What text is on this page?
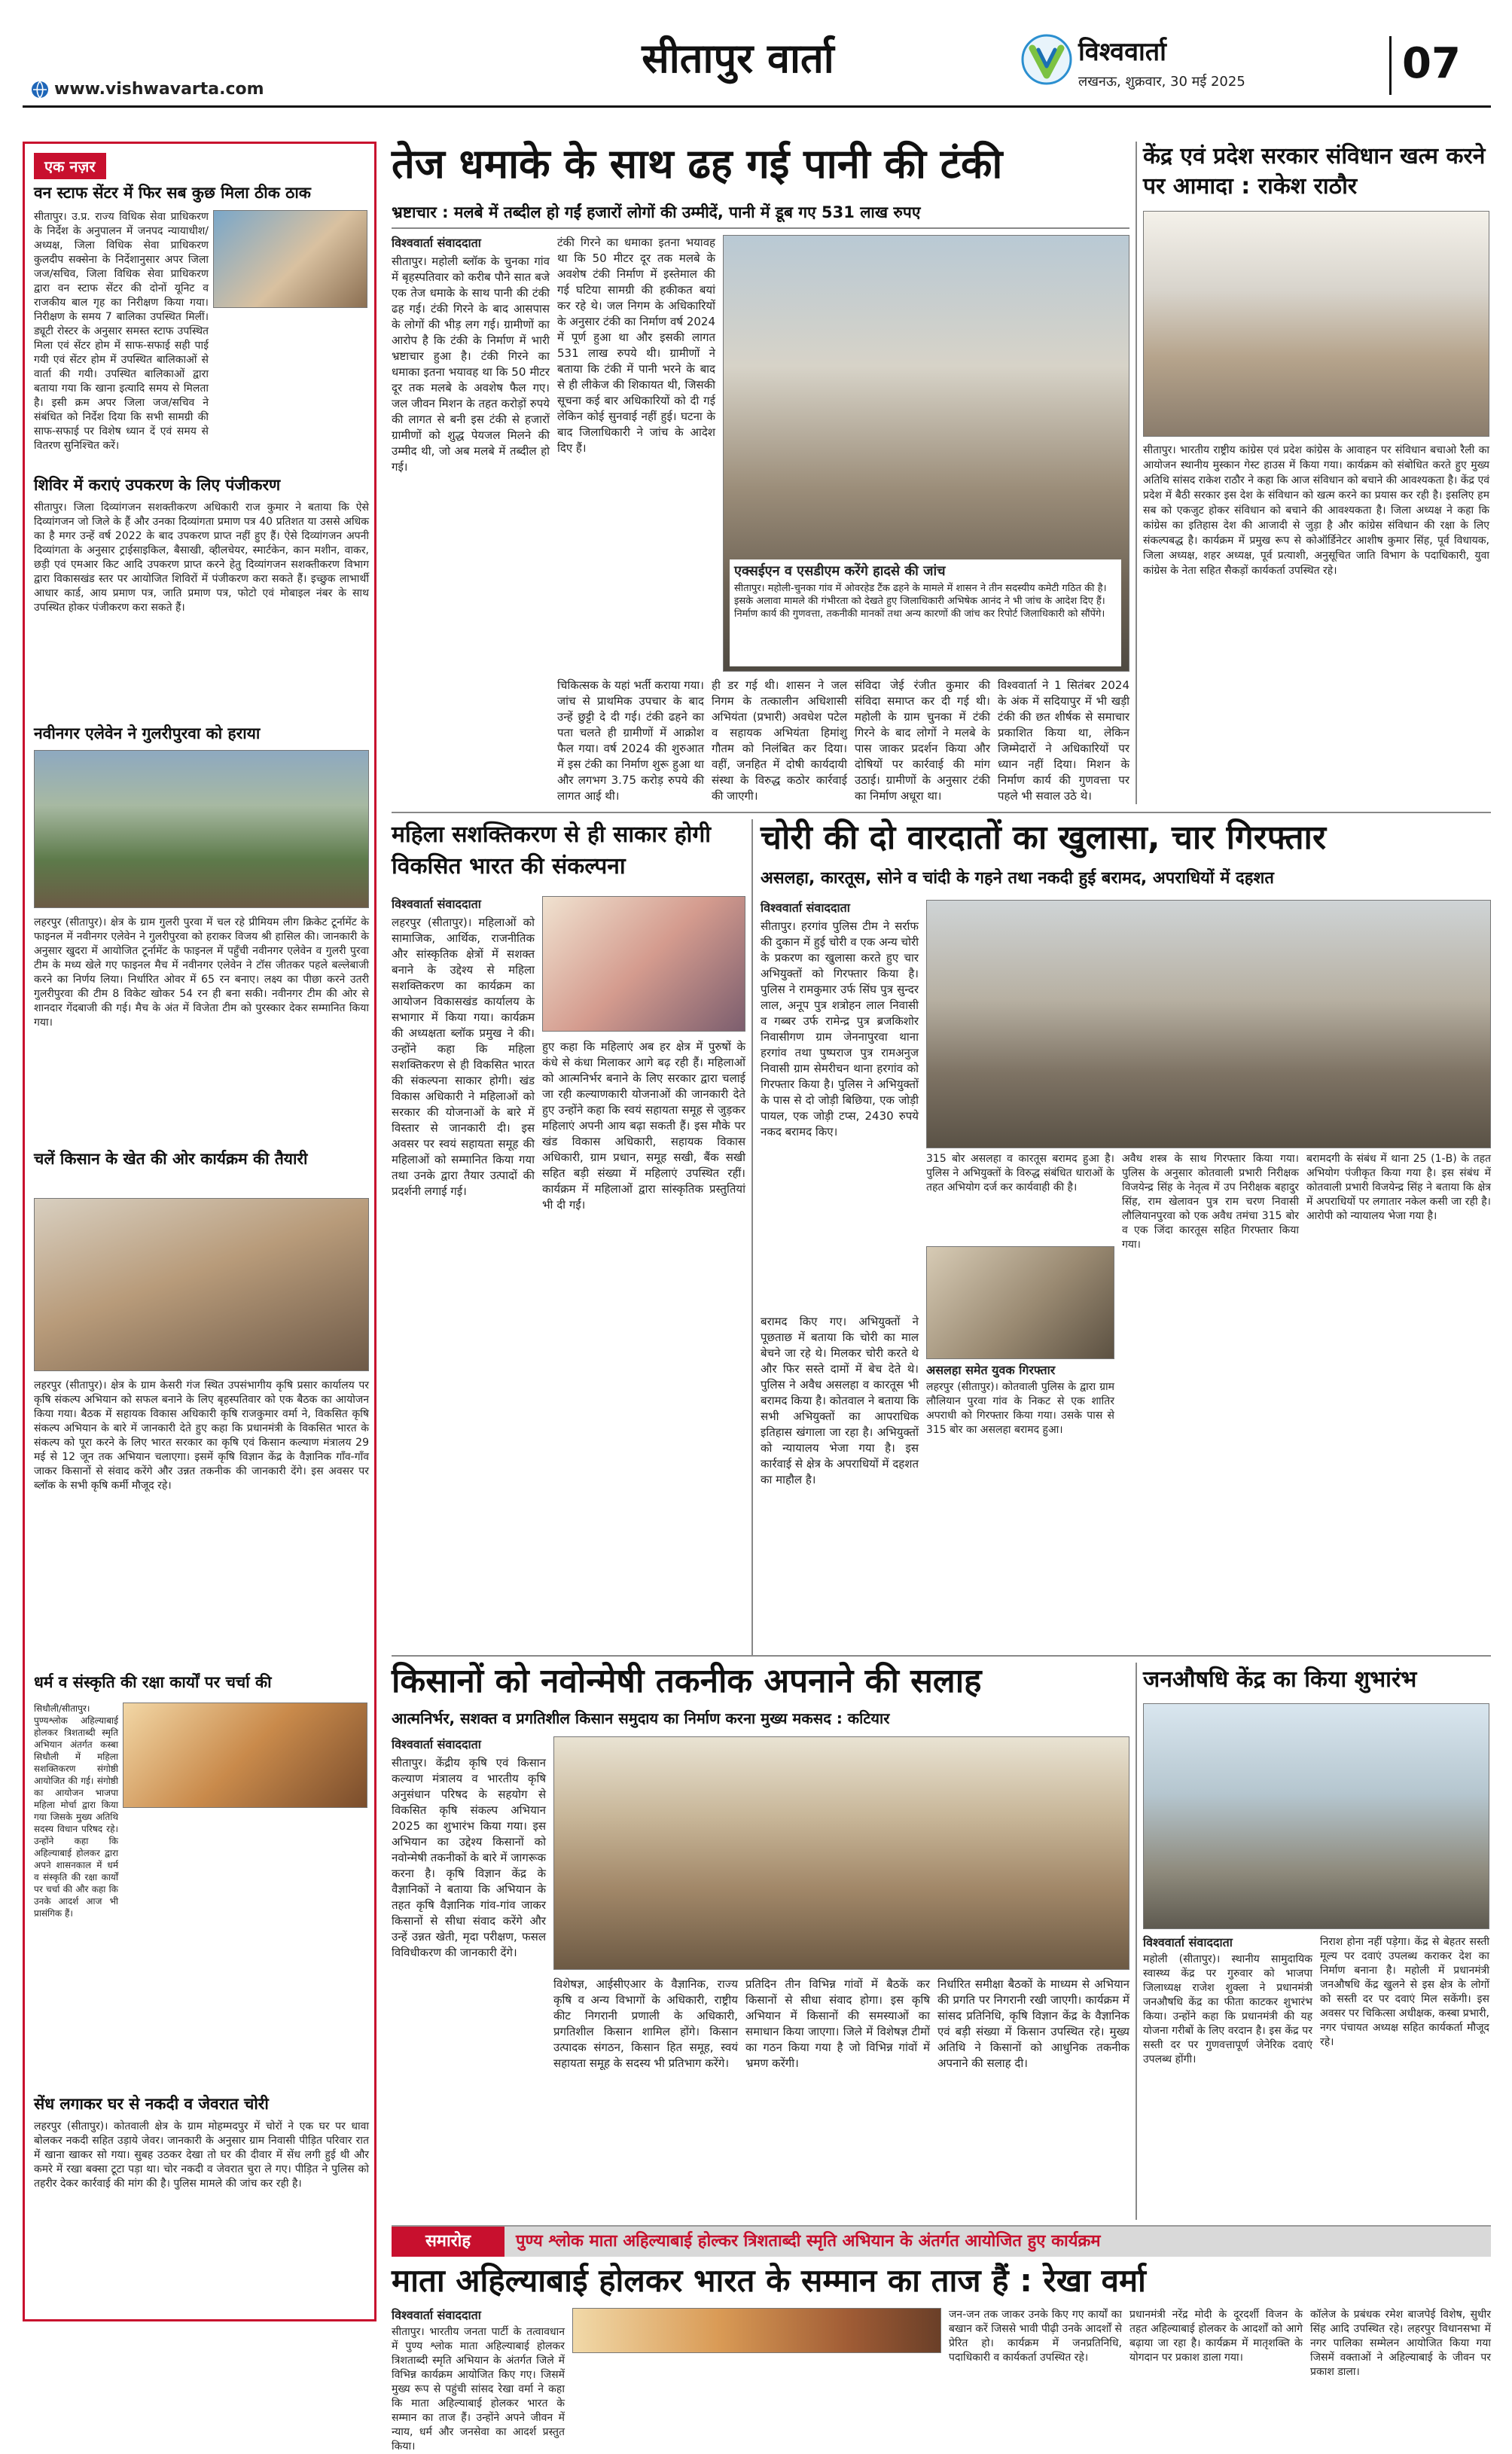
सीतापुर वार्ता	विश्ववार्ता
लखनऊ, शुक्रवार, 30 मई 2025	07
www.vishwavarta.com
एक नज़र
वन स्टाफ सेंटर में फिर सब कुछ मिला ठीक ठाक
सीतापुर। उ.प्र. राज्य विधिक सेवा प्राधिकरण के निर्देश के अनुपालन में जनपद न्यायाधीश/अध्यक्ष, जिला विधिक सेवा प्राधिकरण कुलदीप सक्सेना के निर्देशानुसार अपर जिला जज/सचिव, जिला विधिक सेवा प्राधिकरण द्वारा वन स्टाफ सेंटर की दोनों यूनिट व राजकीय बाल गृह का निरीक्षण किया गया। निरीक्षण के समय 7 बालिका उपस्थित मिलीं। ड्यूटी रोस्टर के अनुसार समस्त स्टाफ उपस्थित मिला एवं सेंटर होम में साफ-सफाई सही पाई गयी एवं सेंटर होम में उपस्थित बालिकाओं से वार्ता की गयी। उपस्थित बालिकाओं द्वारा बताया गया कि खाना इत्यादि समय से मिलता है। इसी क्रम अपर जिला जज/सचिव ने संबंधित को निर्देश दिया कि सभी सामग्री की साफ-सफाई पर विशेष ध्यान दें एवं समय से वितरण सुनिश्चित करें।
शिविर में कराएं उपकरण के लिए पंजीकरण
सीतापुर। जिला दिव्यांगजन सशक्तीकरण अधिकारी राज कुमार ने बताया कि ऐसे दिव्यांगजन जो जिले के हैं और उनका दिव्यांगता प्रमाण पत्र 40 प्रतिशत या उससे अधिक का है मगर उन्हें वर्ष 2022 के बाद उपकरण प्राप्त नहीं हुए हैं। ऐसे दिव्यांगजन अपनी दिव्यांगता के अनुसार ट्राईसाइकिल, बैसाखी, व्हीलचेयर, स्मार्टकेन, कान मशीन, वाकर, छड़ी एवं एमआर किट आदि उपकरण प्राप्त करने हेतु दिव्यांगजन सशक्तीकरण विभाग द्वारा विकासखंड स्तर पर आयोजित शिविरों में पंजीकरण करा सकते हैं। इच्छुक लाभार्थी आधार कार्ड, आय प्रमाण पत्र, जाति प्रमाण पत्र, फोटो एवं मोबाइल नंबर के साथ उपस्थित होकर पंजीकरण करा सकते हैं।
नवीनगर एलेवेन ने गुलरीपुरवा को हराया
लहरपुर (सीतापुर)। क्षेत्र के ग्राम गुलरी पुरवा में चल रहे प्रीमियम लीग क्रिकेट टूर्नामेंट के फाइनल में नवीनगर एलेवेन ने गुलरीपुरवा को हराकर विजय श्री हासिल की। जानकारी के अनुसार खुदरा में आयोजित टूर्नामेंट के फाइनल में पहुँची नवीनगर एलेवेन व गुलरी पुरवा टीम के मध्य खेले गए फाइनल मैच में नवीनगर एलेवेन ने टॉस जीतकर पहले बल्लेबाजी करने का निर्णय लिया। निर्धारित ओवर में 65 रन बनाए। लक्ष्य का पीछा करने उतरी गुलरीपुरवा की टीम 8 विकेट खोकर 54 रन ही बना सकी। नवीनगर टीम की ओर से शानदार गेंदबाजी की गई। मैच के अंत में विजेता टीम को पुरस्कार देकर सम्मानित किया गया।
चलें किसान के खेत की ओर कार्यक्रम की तैयारी
लहरपुर (सीतापुर)। क्षेत्र के ग्राम केसरी गंज स्थित उपसंभागीय कृषि प्रसार कार्यालय पर कृषि संकल्प अभियान को सफल बनाने के लिए बृहस्पतिवार को एक बैठक का आयोजन किया गया। बैठक में सहायक विकास अधिकारी कृषि राजकुमार वर्मा ने, विकसित कृषि संकल्प अभियान के बारे में जानकारी देते हुए कहा कि प्रधानमंत्री के विकसित भारत के संकल्प को पूरा करने के लिए भारत सरकार का कृषि एवं किसान कल्याण मंत्रालय 29 मई से 12 जून तक अभियान चलाएगा। इसमें कृषि विज्ञान केंद्र के वैज्ञानिक गाँव-गाँव जाकर किसानों से संवाद करेंगे और उन्नत तकनीक की जानकारी देंगे। इस अवसर पर ब्लॉक के सभी कृषि कर्मी मौजूद रहे।
धर्म व संस्कृति की रक्षा कार्यों पर चर्चा की
सिधौली/सीतापुर। पुण्यश्लोक अहिल्याबाई होलकर त्रिशताब्दी स्मृति अभियान अंतर्गत कस्बा सिधौली में महिला सशक्तिकरण संगोष्ठी आयोजित की गई। संगोष्ठी का आयोजन भाजपा महिला मोर्चा द्वारा किया गया जिसके मुख्य अतिथि सदस्य विधान परिषद रहे। उन्होंने कहा कि अहिल्याबाई होलकर द्वारा अपने शासनकाल में धर्म व संस्कृति की रक्षा कार्यों पर चर्चा की और कहा कि उनके आदर्श आज भी प्रासंगिक हैं।
सेंध लगाकर घर से नकदी व जेवरात चोरी
लहरपुर (सीतापुर)। कोतवाली क्षेत्र के ग्राम मोहम्मदपुर में चोरों ने एक घर पर धावा बोलकर नकदी सहित उड़ाये जेवर। जानकारी के अनुसार ग्राम निवासी पीड़ित परिवार रात में खाना खाकर सो गया। सुबह उठकर देखा तो घर की दीवार में सेंध लगी हुई थी और कमरे में रखा बक्सा टूटा पड़ा था। चोर नकदी व जेवरात चुरा ले गए। पीड़ित ने पुलिस को तहरीर देकर कार्रवाई की मांग की है। पुलिस मामले की जांच कर रही है।
तेज धमाके के साथ ढह गई पानी की टंकी
भ्रष्टाचार : मलबे में तब्दील हो गईं हजारों लोगों की उम्मीदें, पानी में डूब गए 531 लाख रुपए
विश्ववार्ता संवाददाता
सीतापुर। महोली ब्लॉक के चुनका गांव में बृहस्पतिवार को करीब पौने सात बजे एक तेज धमाके के साथ पानी की टंकी ढह गई। टंकी गिरने के बाद आसपास के लोगों की भीड़ लग गई। ग्रामीणों का आरोप है कि टंकी के निर्माण में भारी भ्रष्टाचार हुआ है। टंकी गिरने का धमाका इतना भयावह था कि 50 मीटर दूर तक मलबे के अवशेष फैल गए। जल जीवन मिशन के तहत करोड़ों रुपये की लागत से बनी इस टंकी से हजारों ग्रामीणों को शुद्ध पेयजल मिलने की उम्मीद थी, जो अब मलबे में तब्दील हो गई।
टंकी गिरने का धमाका इतना भयावह था कि 50 मीटर दूर तक मलबे के अवशेष टंकी निर्माण में इस्तेमाल की गई घटिया सामग्री की हकीकत बयां कर रहे थे। जल निगम के अधिकारियों के अनुसार टंकी का निर्माण वर्ष 2024 में पूर्ण हुआ था और इसकी लागत 531 लाख रुपये थी। ग्रामीणों ने बताया कि टंकी में पानी भरने के बाद से ही लीकेज की शिकायत थी, जिसकी सूचना कई बार अधिकारियों को दी गई लेकिन कोई सुनवाई नहीं हुई। घटना के बाद जिलाधिकारी ने जांच के आदेश दिए हैं।
एक्सईएन व एसडीएम करेंगे हादसे की जांच
सीतापुर। महोली-चुनका गांव में ओवरहेड टैंक ढहने के मामले में शासन ने तीन सदस्यीय कमेटी गठित की है। इसके अलावा मामले की गंभीरता को देखते हुए जिलाधिकारी अभिषेक आनंद ने भी जांच के आदेश दिए हैं। निर्माण कार्य की गुणवत्ता, तकनीकी मानकों तथा अन्य कारणों की जांच कर रिपोर्ट जिलाधिकारी को सौंपेंगे।
चिकित्सक के यहां भर्ती कराया गया। जांच से प्राथमिक उपचार के बाद उन्हें छुट्टी दे दी गई। टंकी ढहने का पता चलते ही ग्रामीणों में आक्रोश फैल गया। वर्ष 2024 की शुरुआत में इस टंकी का निर्माण शुरू हुआ था और लगभग 3.75 करोड़ रुपये की लागत आई थी।
ही डर गई थी। शासन ने जल निगम के तत्कालीन अधिशासी अभियंता (प्रभारी) अवधेश पटेल व सहायक अभियंता हिमांशु गौतम को निलंबित कर दिया। वहीं, जनहित में दोषी कार्यदायी संस्था के विरुद्ध कठोर कार्रवाई की जाएगी।
संविदा जेई रंजीत कुमार की संविदा समाप्त कर दी गई थी। महोली के ग्राम चुनका में टंकी गिरने के बाद लोगों ने मलबे के पास जाकर प्रदर्शन किया और दोषियों पर कार्रवाई की मांग उठाई। ग्रामीणों के अनुसार टंकी का निर्माण अधूरा था।
विश्ववार्ता ने 1 सितंबर 2024 के अंक में सदियापुर में भी खड़ी टंकी की छत शीर्षक से समाचार प्रकाशित किया था, लेकिन जिम्मेदारों ने अधिकारियों पर ध्यान नहीं दिया। मिशन के निर्माण कार्य की गुणवत्ता पर पहले भी सवाल उठे थे।
केंद्र एवं प्रदेश सरकार संविधान खत्म करने पर आमादा : राकेश राठौर
सीतापुर। भारतीय राष्ट्रीय कांग्रेस एवं प्रदेश कांग्रेस के आवाहन पर संविधान बचाओ रैली का आयोजन स्थानीय मुस्कान गेस्ट हाउस में किया गया। कार्यक्रम को संबोधित करते हुए मुख्य अतिथि सांसद राकेश राठौर ने कहा कि आज संविधान को बचाने की आवश्यकता है। केंद्र एवं प्रदेश में बैठी सरकार इस देश के संविधान को खत्म करने का प्रयास कर रही है। इसलिए हम सब को एकजुट होकर संविधान को बचाने की आवश्यकता है। जिला अध्यक्ष ने कहा कि कांग्रेस का इतिहास देश की आजादी से जुड़ा है और कांग्रेस संविधान की रक्षा के लिए संकल्पबद्ध है। कार्यक्रम में प्रमुख रूप से कोऑर्डिनेटर आशीष कुमार सिंह, पूर्व विधायक, जिला अध्यक्ष, शहर अध्यक्ष, पूर्व प्रत्याशी, अनुसूचित जाति विभाग के पदाधिकारी, युवा कांग्रेस के नेता सहित सैकड़ों कार्यकर्ता उपस्थित रहे।
महिला सशक्तिकरण से ही साकार होगी विकसित भारत की संकल्पना
विश्ववार्ता संवाददाता
लहरपुर (सीतापुर)। महिलाओं को सामाजिक, आर्थिक, राजनीतिक और सांस्कृतिक क्षेत्रों में सशक्त बनाने के उद्देश्य से महिला सशक्तिकरण का कार्यक्रम का आयोजन विकासखंड कार्यालय के सभागार में किया गया। कार्यक्रम की अध्यक्षता ब्लॉक प्रमुख ने की। उन्होंने कहा कि महिला सशक्तिकरण से ही विकसित भारत की संकल्पना साकार होगी। खंड विकास अधिकारी ने महिलाओं को सरकार की योजनाओं के बारे में विस्तार से जानकारी दी। इस अवसर पर स्वयं सहायता समूह की महिलाओं को सम्मानित किया गया तथा उनके द्वारा तैयार उत्पादों की प्रदर्शनी लगाई गई।
हुए कहा कि महिलाएं अब हर क्षेत्र में पुरुषों के कंधे से कंधा मिलाकर आगे बढ़ रही हैं। महिलाओं को आत्मनिर्भर बनाने के लिए सरकार द्वारा चलाई जा रही कल्याणकारी योजनाओं की जानकारी देते हुए उन्होंने कहा कि स्वयं सहायता समूह से जुड़कर महिलाएं अपनी आय बढ़ा सकती हैं। इस मौके पर खंड विकास अधिकारी, सहायक विकास अधिकारी, ग्राम प्रधान, समूह सखी, बैंक सखी सहित बड़ी संख्या में महिलाएं उपस्थित रहीं। कार्यक्रम में महिलाओं द्वारा सांस्कृतिक प्रस्तुतियां भी दी गईं।
चोरी की दो वारदातों का खुलासा, चार गिरफ्तार
असलहा, कारतूस, सोने व चांदी के गहने तथा नकदी हुई बरामद, अपराधियों में दहशत
विश्ववार्ता संवाददाता
सीतापुर। हरगांव पुलिस टीम ने सर्राफ की दुकान में हुई चोरी व एक अन्य चोरी के प्रकरण का खुलासा करते हुए चार अभियुक्तों को गिरफ्तार किया है। पुलिस ने रामकुमार उर्फ सिंघ पुत्र सुन्दर लाल, अनूप पुत्र शत्रोहन लाल निवासी व गब्बर उर्फ रामेन्द्र पुत्र ब्रजकिशोर निवासीगण ग्राम जेननापुरवा थाना हरगांव तथा पुष्पराज पुत्र रामअनुज निवासी ग्राम सेमरीचन थाना हरगांव को गिरफ्तार किया है। पुलिस ने अभियुक्तों के पास से दो जोड़ी बिछिया, एक जोड़ी पायल, एक जोड़ी टप्स, 2430 रुपये नकद बरामद किए।
बरामद किए गए। अभियुक्तों ने पूछताछ में बताया कि चोरी का माल बेचने जा रहे थे। मिलकर चोरी करते थे और फिर सस्ते दामों में बेच देते थे। पुलिस ने अवैध असलहा व कारतूस भी बरामद किया है। कोतवाल ने बताया कि सभी अभियुक्तों का आपराधिक इतिहास खंगाला जा रहा है। अभियुक्तों को न्यायालय भेजा गया है। इस कार्रवाई से क्षेत्र के अपराधियों में दहशत का माहौल है।
315 बोर असलहा व कारतूस बरामद हुआ है। पुलिस ने अभियुक्तों के विरुद्ध संबंधित धाराओं के तहत अभियोग दर्ज कर कार्यवाही की है।
असलहा समेत युवक गिरफ्तार
लहरपुर (सीतापुर)। कोतवाली पुलिस के द्वारा ग्राम लौलियान पुरवा गांव के निकट से एक शातिर अपराधी को गिरफ्तार किया गया। उसके पास से 315 बोर का असलहा बरामद हुआ।
अवैध शस्त्र के साथ गिरफ्तार किया गया। पुलिस के अनुसार कोतवाली प्रभारी निरीक्षक विजयेन्द्र सिंह के नेतृत्व में उप निरीक्षक बहादुर सिंह, राम खेलावन पुत्र राम चरण निवासी लौलियानपुरवा को एक अवैध तमंचा 315 बोर व एक जिंदा कारतूस सहित गिरफ्तार किया गया।
बरामदगी के संबंध में थाना 25 (1-B) के तहत अभियोग पंजीकृत किया गया है। इस संबंध में कोतवाली प्रभारी विजयेन्द्र सिंह ने बताया कि क्षेत्र में अपराधियों पर लगातार नकेल कसी जा रही है। आरोपी को न्यायालय भेजा गया है।
किसानों को नवोन्मेषी तकनीक अपनाने की सलाह
आत्मनिर्भर, सशक्त व प्रगतिशील किसान समुदाय का निर्माण करना मुख्य मकसद : कटियार
विश्ववार्ता संवाददाता
सीतापुर। केंद्रीय कृषि एवं किसान कल्याण मंत्रालय व भारतीय कृषि अनुसंधान परिषद के सहयोग से विकसित कृषि संकल्प अभियान 2025 का शुभारंभ किया गया। इस अभियान का उद्देश्य किसानों को नवोन्मेषी तकनीकों के बारे में जागरूक करना है। कृषि विज्ञान केंद्र के वैज्ञानिकों ने बताया कि अभियान के तहत कृषि वैज्ञानिक गांव-गांव जाकर किसानों से सीधा संवाद करेंगे और उन्हें उन्नत खेती, मृदा परीक्षण, फसल विविधीकरण की जानकारी देंगे।
विशेषज्ञ, आईसीएआर के वैज्ञानिक, राज्य कृषि व अन्य विभागों के अधिकारी, राष्ट्रीय कीट निगरानी प्रणाली के अधिकारी, प्रगतिशील किसान शामिल होंगे। किसान उत्पादक संगठन, किसान हित समूह, स्वयं सहायता समूह के सदस्य भी प्रतिभाग करेंगे।
प्रतिदिन तीन विभिन्न गांवों में बैठकें कर किसानों से सीधा संवाद होगा। इस कृषि अभियान में किसानों की समस्याओं का समाधान किया जाएगा। जिले में विशेषज्ञ टीमों का गठन किया गया है जो विभिन्न गांवों में भ्रमण करेंगी।
निर्धारित समीक्षा बैठकों के माध्यम से अभियान की प्रगति पर निगरानी रखी जाएगी। कार्यक्रम में सांसद प्रतिनिधि, कृषि विज्ञान केंद्र के वैज्ञानिक एवं बड़ी संख्या में किसान उपस्थित रहे। मुख्य अतिथि ने किसानों को आधुनिक तकनीक अपनाने की सलाह दी।
जनऔषधि केंद्र का किया शुभारंभ
विश्ववार्ता संवाददाता
महोली (सीतापुर)। स्थानीय सामुदायिक स्वास्थ्य केंद्र पर गुरुवार को भाजपा जिलाध्यक्ष राजेश शुक्ला ने प्रधानमंत्री जनऔषधि केंद्र का फीता काटकर शुभारंभ किया। उन्होंने कहा कि प्रधानमंत्री की यह योजना गरीबों के लिए वरदान है। इस केंद्र पर सस्ती दर पर गुणवत्तापूर्ण जेनेरिक दवाएं उपलब्ध होंगी।
निराश होना नहीं पड़ेगा। केंद्र से बेहतर सस्ती मूल्य पर दवाएं उपलब्ध कराकर देश का निर्माण बनाना है। महोली में प्रधानमंत्री जनऔषधि केंद्र खुलने से इस क्षेत्र के लोगों को सस्ती दर पर दवाएं मिल सकेंगी। इस अवसर पर चिकित्सा अधीक्षक, कस्बा प्रभारी, नगर पंचायत अध्यक्ष सहित कार्यकर्ता मौजूद रहे।
समारोह	पुण्य श्लोक माता अहिल्याबाई होल्कर त्रिशताब्दी स्मृति अभियान के अंतर्गत आयोजित हुए कार्यक्रम
माता अहिल्याबाई होलकर भारत के सम्मान का ताज हैं : रेखा वर्मा
विश्ववार्ता संवाददाता
सीतापुर। भारतीय जनता पार्टी के तत्वावधान में पुण्य श्लोक माता अहिल्याबाई होलकर त्रिशताब्दी स्मृति अभियान के अंतर्गत जिले में विभिन्न कार्यक्रम आयोजित किए गए। जिसमें मुख्य रूप से पहुंची सांसद रेखा वर्मा ने कहा कि माता अहिल्याबाई होलकर भारत के सम्मान का ताज हैं। उन्होंने अपने जीवन में न्याय, धर्म और जनसेवा का आदर्श प्रस्तुत किया।
जन-जन तक जाकर उनके किए गए कार्यों का बखान करें जिससे भावी पीढ़ी उनके आदर्शों से प्रेरित हो। कार्यक्रम में जनप्रतिनिधि, पदाधिकारी व कार्यकर्ता उपस्थित रहे।
प्रधानमंत्री नरेंद्र मोदी के दूरदर्शी विजन के तहत अहिल्याबाई होलकर के आदर्शों को आगे बढ़ाया जा रहा है। कार्यक्रम में मातृशक्ति के योगदान पर प्रकाश डाला गया।
कॉलेज के प्रबंधक रमेश बाजपेई विशेष, सुधीर सिंह आदि उपस्थित रहे। लहरपुर विधानसभा में नगर पालिका सम्मेलन आयोजित किया गया जिसमें वक्ताओं ने अहिल्याबाई के जीवन पर प्रकाश डाला।
